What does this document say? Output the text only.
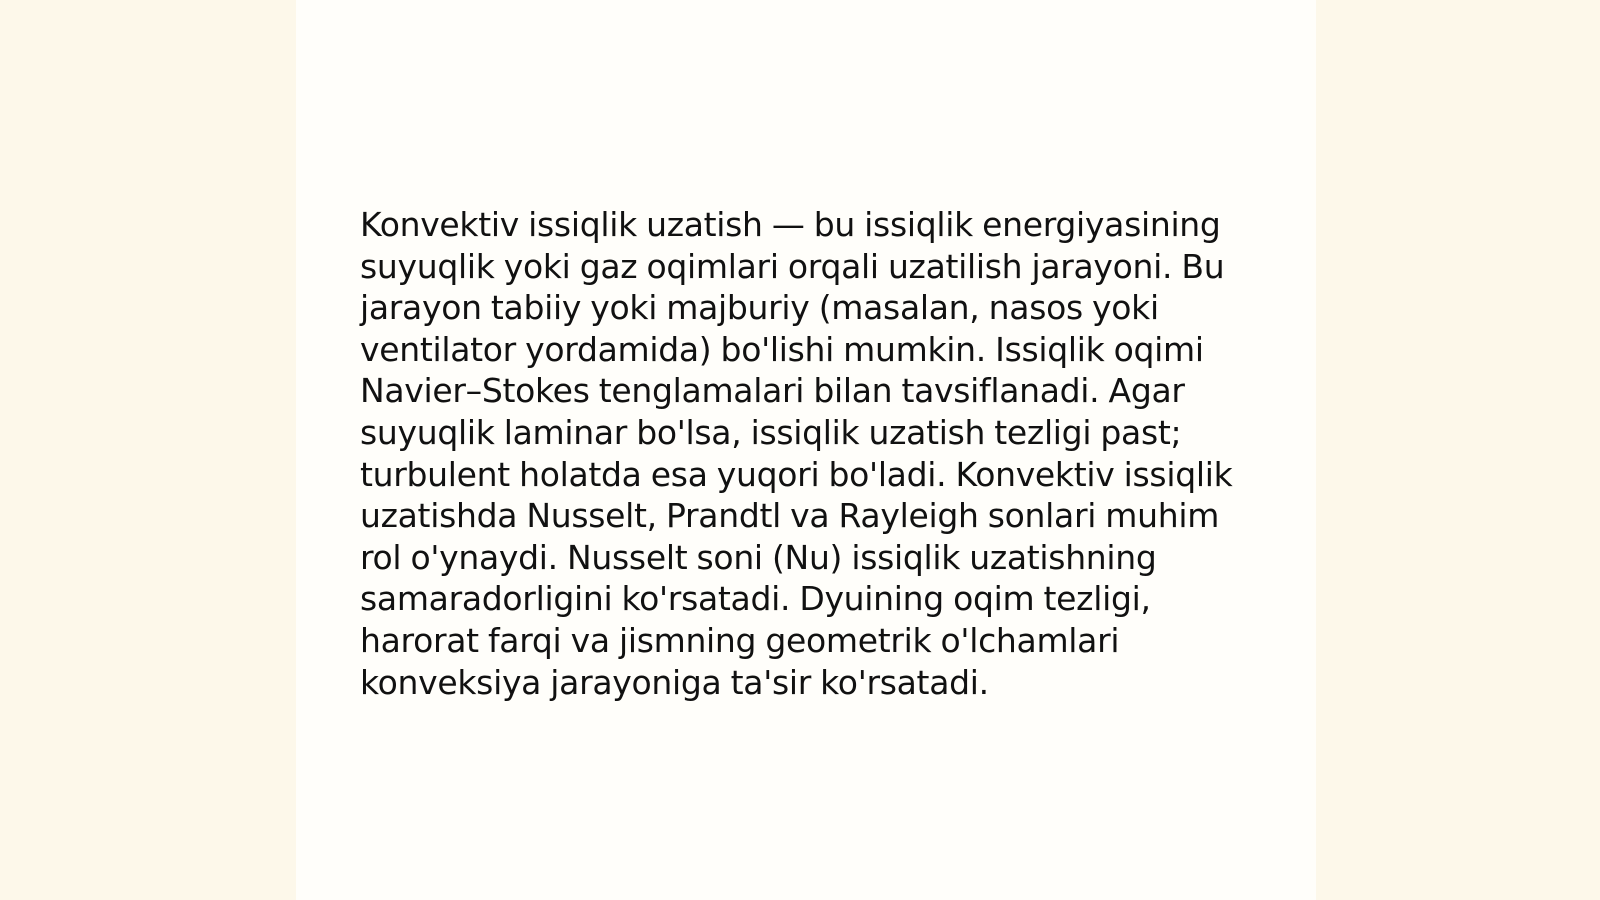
Konvektiv issiqlik uzatish — bu issiqlik energiyasining
suyuqlik yoki gaz oqimlari orqali uzatilish jarayoni. Bu
jarayon tabiiy yoki majburiy (masalan, nasos yoki
ventilator yordamida) bo'lishi mumkin. Issiqlik oqimi
Navier–Stokes tenglamalari bilan tavsiflanadi. Agar
suyuqlik laminar bo'lsa, issiqlik uzatish tezligi past;
turbulent holatda esa yuqori bo'ladi. Konvektiv issiqlik
uzatishda Nusselt, Prandtl va Rayleigh sonlari muhim
rol o'ynaydi. Nusselt soni (Nu) issiqlik uzatishning
samaradorligini ko'rsatadi. Dyuining oqim tezligi,
harorat farqi va jismning geometrik o'lchamlari
konveksiya jarayoniga ta'sir ko'rsatadi.
